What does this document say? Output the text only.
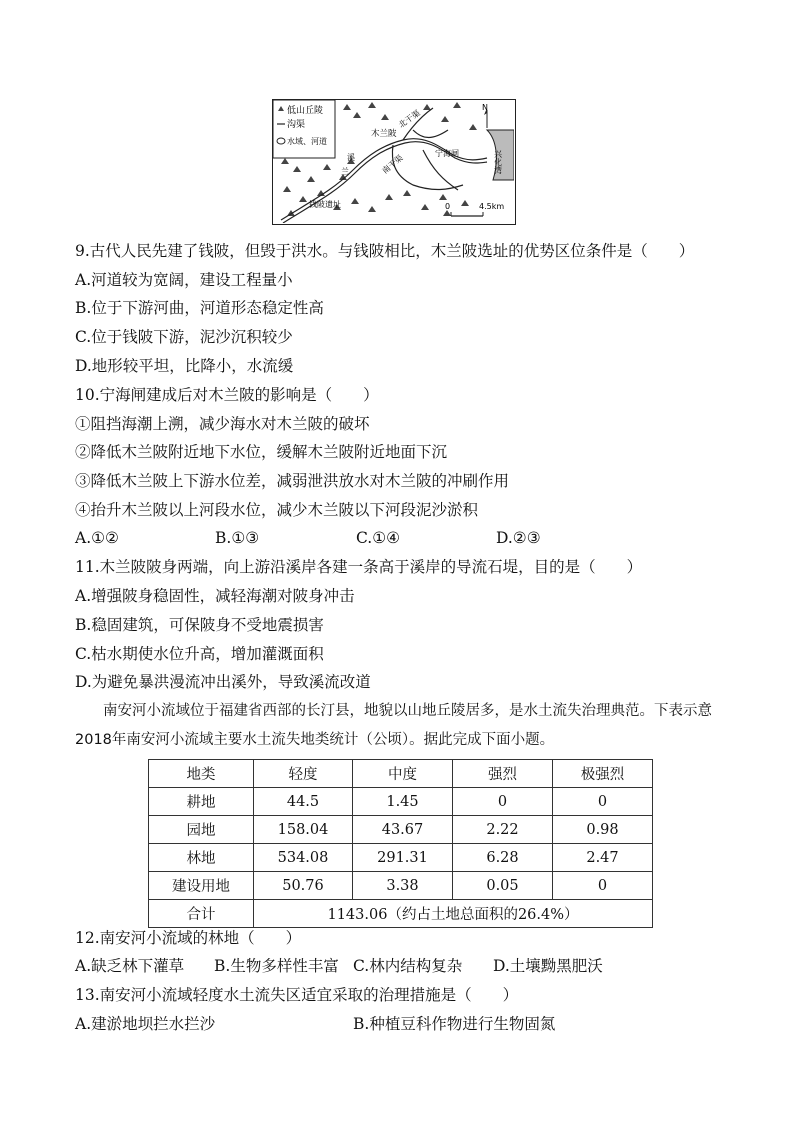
低山丘陵
沟渠
水域、河道
木兰陂
北干渠
南干渠	宁海闸
溪
兰
钱陂遗址
兴化湾
N
0	4.5km
9.古代人民先建了钱陂，但毁于洪水。与钱陂相比，木兰陂选址的优势区位条件是（　　）
A.河道较为宽阔，建设工程量小
B.位于下游河曲，河道形态稳定性高
C.位于钱陂下游，泥沙沉积较少
D.地形较平坦，比降小，水流缓
10.宁海闸建成后对木兰陂的影响是（　　）
①阻挡海潮上溯，减少海水对木兰陂的破坏
②降低木兰陂附近地下水位，缓解木兰陂附近地面下沉
③降低木兰陂上下游水位差，减弱泄洪放水对木兰陂的冲刷作用
④抬升木兰陂以上河段水位，减少木兰陂以下河段泥沙淤积
A.①②	B.①③	C.①④	D.②③
11.木兰陂陂身两端，向上游沿溪岸各建一条高于溪岸的导流石堤，目的是（　　）
A.增强陂身稳固性，减轻海潮对陂身冲击
B.稳固建筑，可保陂身不受地震损害
C.枯水期使水位升高，增加灌溉面积
D.为避免暴洪漫流冲出溪外，导致溪流改道
南安河小流域位于福建省西部的长汀县，地貌以山地丘陵居多，是水土流失治理典范。下表示意2018年南安河小流域主要水土流失地类统计（公顷）。据此完成下面小题。
地类	轻度	中度	强烈	极强烈
耕地	44.5	1.45	0	0
园地	158.04	43.67	2.22	0.98
林地	534.08	291.31	6.28	2.47
建设用地	50.76	3.38	0.05	0
合计	1143.06（约占土地总面积的26.4%）			
12.南安河小流域的林地（　　）
A.缺乏林下灌草 B.生物多样性丰富 C.林内结构复杂 D.土壤黝黑肥沃
13.南安河小流域轻度水土流失区适宜采取的治理措施是（　　）
A.建淤地坝拦水拦沙	B.种植豆科作物进行生物固氮
